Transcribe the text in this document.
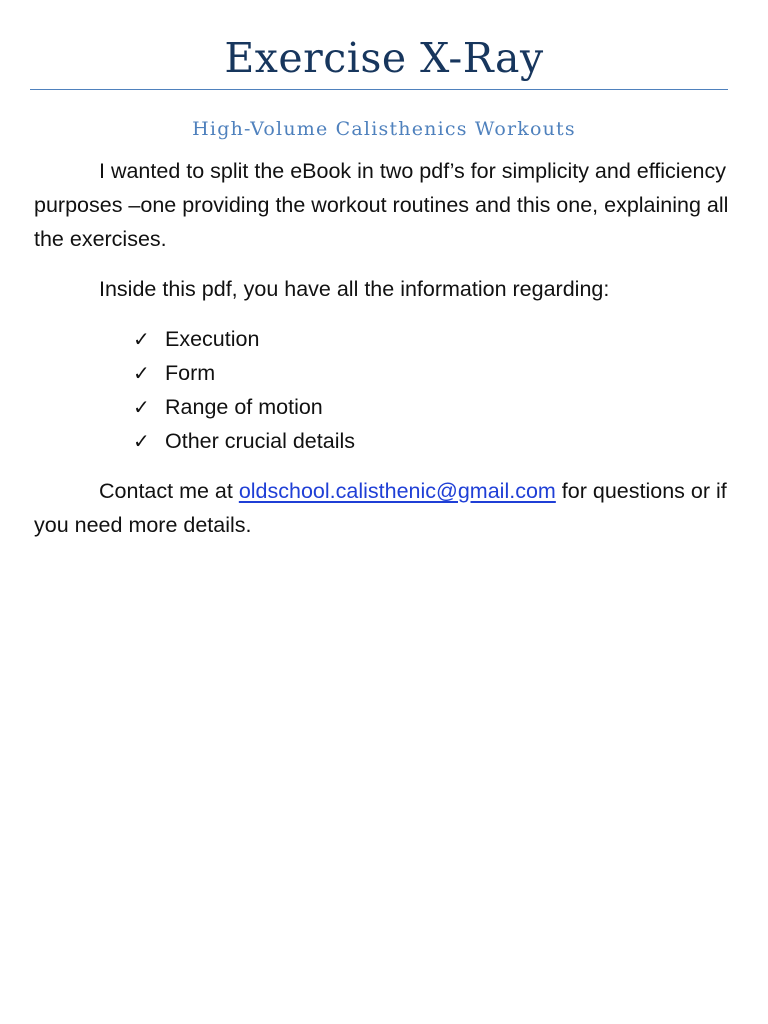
Exercise X-Ray
High-Volume Calisthenics Workouts

I wanted to split the eBook in two pdf’s for simplicity and efficiency purposes –one providing the workout routines and this one, explaining all the exercises.

Inside this pdf, you have all the information regarding:

✓ Execution
✓ Form
✓ Range of motion
✓ Other crucial details

Contact me at oldschool.calisthenic@gmail.com for questions or if you need more details.
